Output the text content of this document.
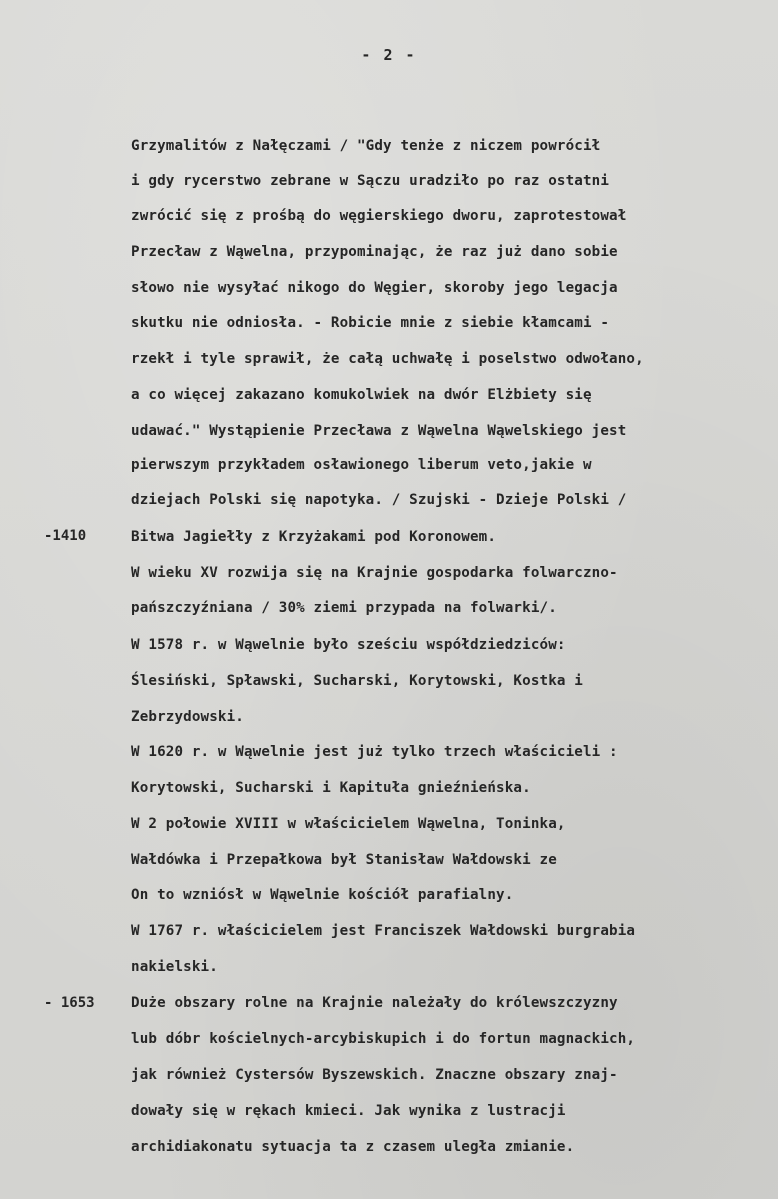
- 2 -
-1410
- 1653
Grzymalitów z Nałęczami / "Gdy tenże z niczem powrócił
i gdy rycerstwo zebrane w Sączu uradziło po raz ostatni
zwrócić się z prośbą do węgierskiego dworu, zaprotestował
Przecław z Wąwelna, przypominając, że raz już dano sobie
słowo nie wysyłać nikogo do Węgier, skoroby jego legacja
skutku nie odniosła. - Robicie mnie z siebie kłamcami -
rzekł i tyle sprawił, że całą uchwałę i poselstwo odwołano,
a co więcej zakazano komukolwiek na dwór Elżbiety się
udawać." Wystąpienie Przecława z Wąwelna Wąwelskiego jest
pierwszym przykładem osławionego liberum veto,jakie w
dziejach Polski się napotyka. / Szujski - Dzieje Polski /
Bitwa Jagiełły z Krzyżakami pod Koronowem.
W wieku XV rozwija się na Krajnie gospodarka folwarczno-
pańszczyźniana / 30% ziemi przypada na folwarki/.
W 1578 r. w Wąwelnie było sześciu współdziedziców:
Ślesiński, Spławski, Sucharski, Korytowski, Kostka i
Zebrzydowski.
W 1620 r. w Wąwelnie jest już tylko trzech właścicieli :
Korytowski, Sucharski i Kapituła gnieźnieńska.
W 2 połowie XVIII w właścicielem Wąwelna, Toninka,
Wałdówka i Przepałkowa był Stanisław Wałdowski ze
On to wzniósł w Wąwelnie kościół parafialny.
W 1767 r. właścicielem jest Franciszek Wałdowski burgrabia
nakielski.
Duże obszary rolne na Krajnie należały do królewszczyzny
lub dóbr kościelnych-arcybiskupich i do fortun magnackich,
jak również Cystersów Byszewskich. Znaczne obszary znaj-
dowały się w rękach kmieci. Jak wynika z lustracji
archidiakonatu sytuacja ta z czasem uległa zmianie.
